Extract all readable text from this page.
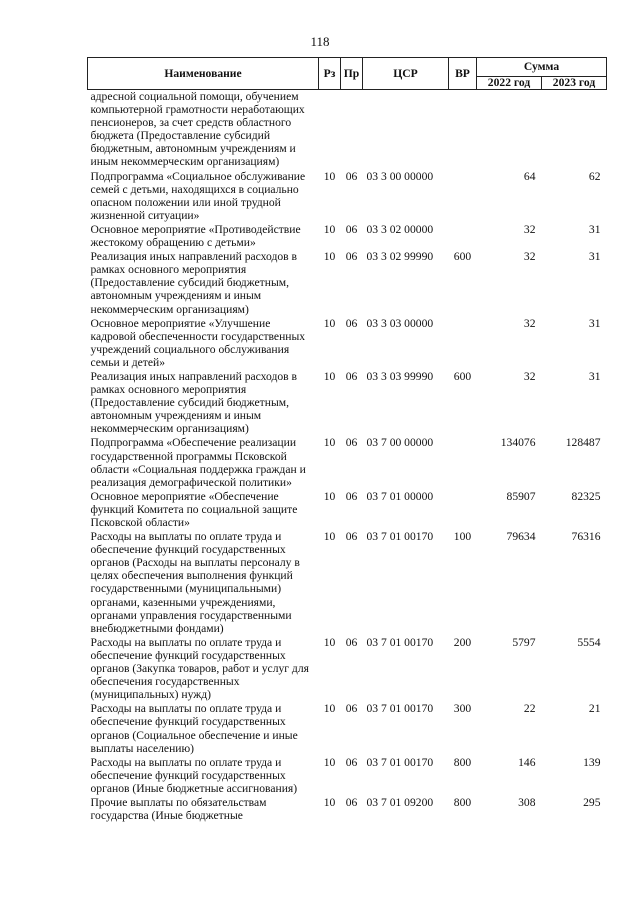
118
Наименование	Рз	Пр	ЦСР	ВР	Сумма	
					2022 год	2023 год
адресной социальной помощи, обучением компьютерной грамотности неработающих пенсионеров, за счет средств областного бюджета (Предоставление субсидий бюджетным, автономным учреждениям и иным некоммерческим организациям)						
Подпрограмма «Социальное обслуживание семей с детьми, находящихся в социально опасном положении или иной трудной жизненной ситуации»	10	06	03 3 00 00000		64	62
Основное мероприятие «Противодействие жестокому обращению с детьми»	10	06	03 3 02 00000		32	31
Реализация иных направлений расходов в рамках основного мероприятия (Предоставление субсидий бюджетным, автономным учреждениям и иным некоммерческим организациям)	10	06	03 3 02 99990	600	32	31
Основное мероприятие «Улучшение кадровой обеспеченности государственных учреждений социального обслуживания семьи и детей»	10	06	03 3 03 00000		32	31
Реализация иных направлений расходов в рамках основного мероприятия (Предоставление субсидий бюджетным, автономным учреждениям и иным некоммерческим организациям)	10	06	03 3 03 99990	600	32	31
Подпрограмма «Обеспечение реализации государственной программы Псковской области «Социальная поддержка граждан и реализация демографической политики»	10	06	03 7 00 00000		134076	128487
Основное мероприятие «Обеспечение функций Комитета по социальной защите Псковской области»	10	06	03 7 01 00000		85907	82325
Расходы на выплаты по оплате труда и обеспечение функций государственных органов (Расходы на выплаты персоналу в целях обеспечения выполнения функций государственными (муниципальными) органами, казенными учреждениями, органами управления государственными внебюджетными фондами)	10	06	03 7 01 00170	100	79634	76316
Расходы на выплаты по оплате труда и обеспечение функций государственных органов (Закупка товаров, работ и услуг для обеспечения государственных (муниципальных) нужд)	10	06	03 7 01 00170	200	5797	5554
Расходы на выплаты по оплате труда и обеспечение функций государственных органов (Социальное обеспечение и иные выплаты населению)	10	06	03 7 01 00170	300	22	21
Расходы на выплаты по оплате труда и обеспечение функций государственных органов (Иные бюджетные ассигнования)	10	06	03 7 01 00170	800	146	139
Прочие выплаты по обязательствам государства (Иные бюджетные	10	06	03 7 01 09200	800	308	295
